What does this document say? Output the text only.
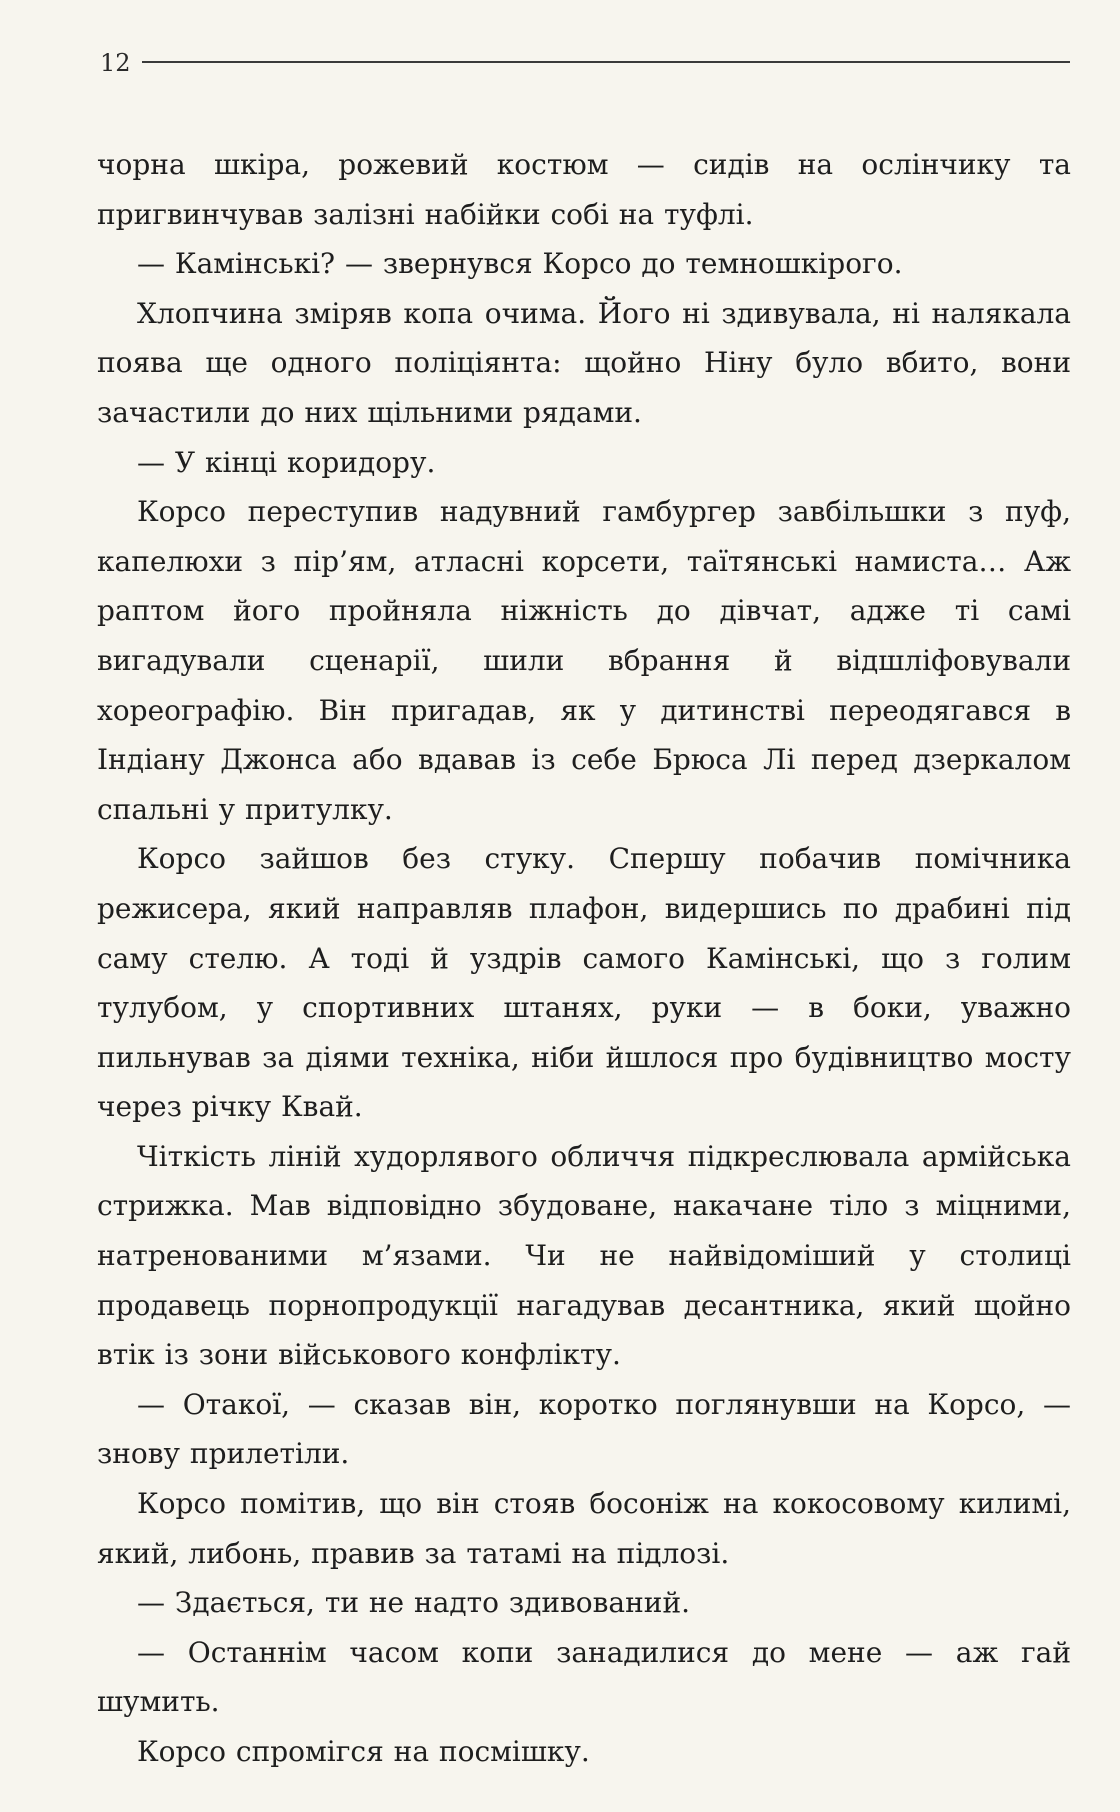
12

чорна шкіра, рожевий костюм — сидів на ослінчику та пригвинчував залізні набійки собі на туфлі.

— Камінські? — звернувся Корсо до темношкірого.

Хлопчина зміряв копа очима. Його ні здивувала, ні налякала поява ще одного поліціянта: щойно Ніну було вбито, вони зачастили до них щільними рядами.

— У кінці коридору.

Корсо переступив надувний гамбургер завбільшки з пуф, капелюхи з пір’ям, атласні корсети, таїтянські намиста… Аж раптом його пройняла ніжність до дівчат, адже ті самі вигадували сценарії, шили вбрання й відшліфовували хореографію. Він пригадав, як у дитинстві переодягався в Індіану Джонса або вдавав із себе Брюса Лі перед дзеркалом спальні у притулку.

Корсо зайшов без стуку. Спершу побачив помічника режисера, який направляв плафон, видершись по драбині під саму стелю. А тоді й уздрів самого Камінські, що з голим тулубом, у спортивних штанях, руки — в боки, уважно пильнував за діями техніка, ніби йшлося про будівництво мосту через річку Квай.

Чіткість ліній худорлявого обличчя підкреслювала армійська стрижка. Мав відповідно збудоване, накачане тіло з міцними, натренованими м’язами. Чи не найвідоміший у столиці продавець порнопродукції нагадував десантника, який щойно втік із зони військового конфлікту.

— Отакої, — сказав він, коротко поглянувши на Корсо, — знову прилетіли.

Корсо помітив, що він стояв босоніж на кокосовому килимі, який, либонь, правив за татамі на підлозі.

— Здається, ти не надто здивований.

— Останнім часом копи занадилися до мене — аж гай шумить.

Корсо спромігся на посмішку.
